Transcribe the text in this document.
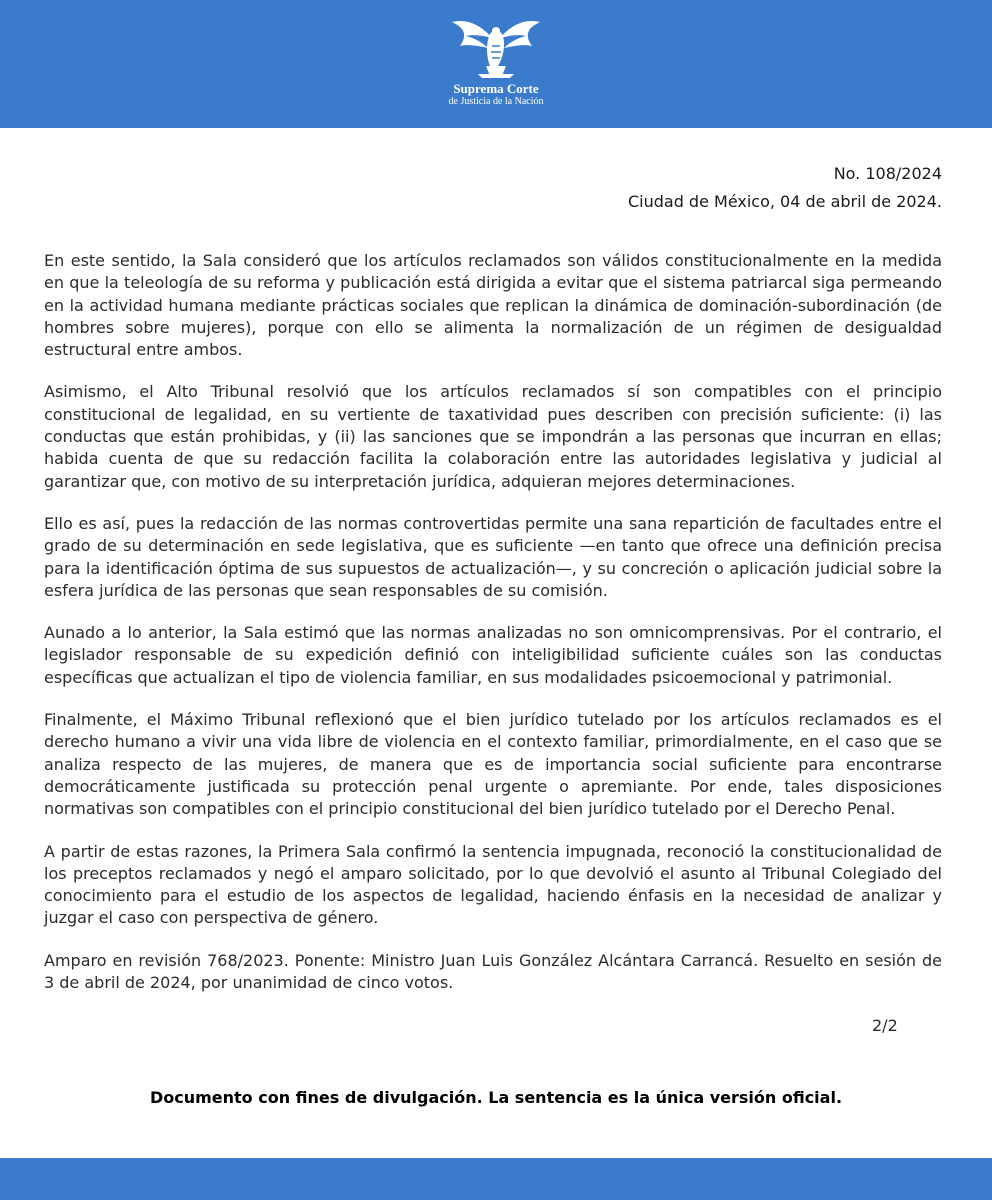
Suprema Corte
de Justicia de la Nación
No. 108/2024
Ciudad de México, 04 de abril de 2024.

En este sentido, la Sala consideró que los artículos reclamados son válidos constitucionalmente en la medida en que la teleología de su reforma y publicación está dirigida a evitar que el sistema patriarcal siga permeando en la actividad humana mediante prácticas sociales que replican la dinámica de dominación-subordinación (de hombres sobre mujeres), porque con ello se alimenta la normalización de un régimen de desigualdad estructural entre ambos.

Asimismo, el Alto Tribunal resolvió que los artículos reclamados sí son compatibles con el principio constitucional de legalidad, en su vertiente de taxatividad pues describen con precisión suficiente: (i) las conductas que están prohibidas, y (ii) las sanciones que se impondrán a las personas que incurran en ellas; habida cuenta de que su redacción facilita la colaboración entre las autoridades legislativa y judicial al garantizar que, con motivo de su interpretación jurídica, adquieran mejores determinaciones.

Ello es así, pues la redacción de las normas controvertidas permite una sana repartición de facultades entre el grado de su determinación en sede legislativa, que es suficiente —en tanto que ofrece una definición precisa para la identificación óptima de sus supuestos de actualización—, y su concreción o aplicación judicial sobre la esfera jurídica de las personas que sean responsables de su comisión.

Aunado a lo anterior, la Sala estimó que las normas analizadas no son omnicomprensivas. Por el contrario, el legislador responsable de su expedición definió con inteligibilidad suficiente cuáles son las conductas específicas que actualizan el tipo de violencia familiar, en sus modalidades psicoemocional y patrimonial.

Finalmente, el Máximo Tribunal reflexionó que el bien jurídico tutelado por los artículos reclamados es el derecho humano a vivir una vida libre de violencia en el contexto familiar, primordialmente, en el caso que se analiza respecto de las mujeres, de manera que es de importancia social suficiente para encontrarse democráticamente justificada su protección penal urgente o apremiante. Por ende, tales disposiciones normativas son compatibles con el principio constitucional del bien jurídico tutelado por el Derecho Penal.

A partir de estas razones, la Primera Sala confirmó la sentencia impugnada, reconoció la constitucionalidad de los preceptos reclamados y negó el amparo solicitado, por lo que devolvió el asunto al Tribunal Colegiado del conocimiento para el estudio de los aspectos de legalidad, haciendo énfasis en la necesidad de analizar y juzgar el caso con perspectiva de género.

Amparo en revisión 768/2023. Ponente: Ministro Juan Luis González Alcántara Carrancá. Resuelto en sesión de 3 de abril de 2024, por unanimidad de cinco votos.

2/2
Documento con fines de divulgación. La sentencia es la única versión oficial.
